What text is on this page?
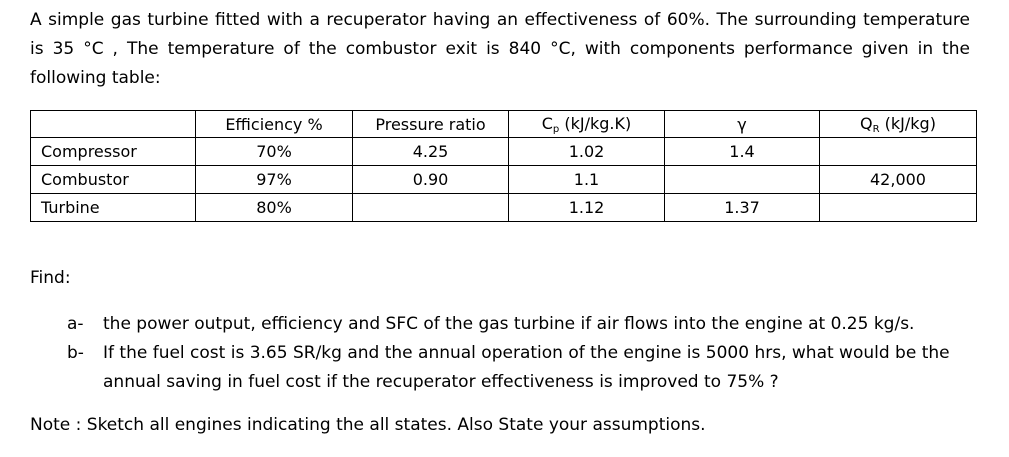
A simple gas turbine fitted with a recuperator having an effectiveness of 60%. The surrounding temperature is 35 °C , The temperature of the combustor exit is 840 °C, with components performance given in the following table:
	Efficiency %	Pressure ratio	$C_p$ (kJ/kg.K)	γ	$Q_R$ (kJ/kg)
Compressor	70%	4.25	1.02	1.4	
Combustor	97%	0.90	1.1		42,000
Turbine	80%		1.12	1.37	
Find:
a-	the power output, efficiency and SFC of the gas turbine if air flows into the engine at 0.25 kg/s.
b-	If the fuel cost is 3.65 SR/kg and the annual operation of the engine is 5000 hrs, what would be the annual saving in fuel cost if the recuperator effectiveness is improved to 75% ?
Note : Sketch all engines indicating the all states. Also State your assumptions.
